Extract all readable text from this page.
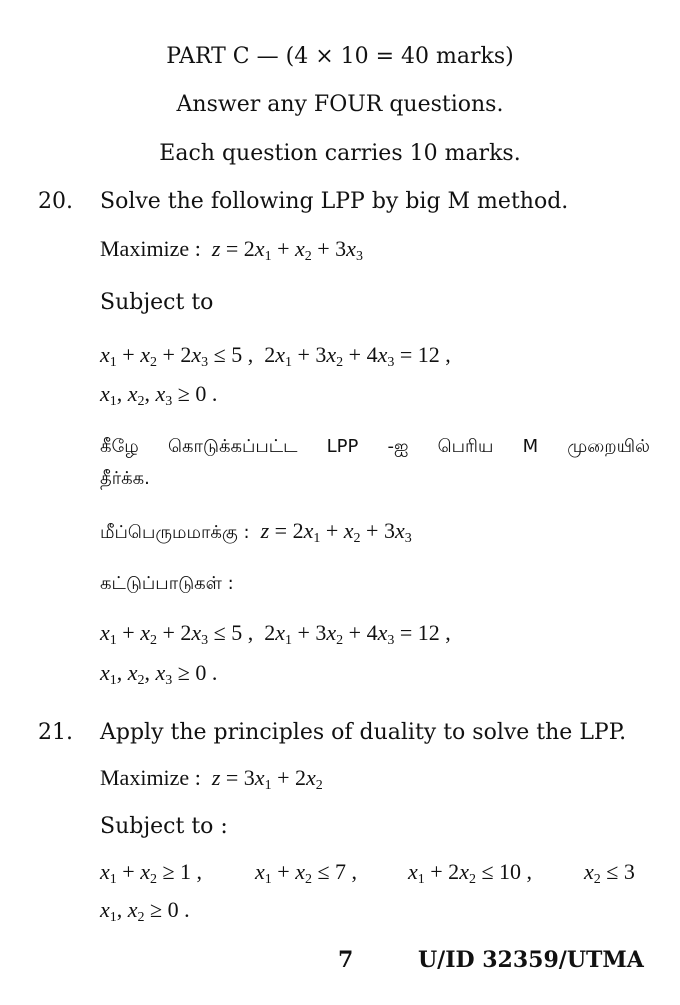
PART C — (4 × 10 = 40 marks)
Answer any FOUR questions.
Each question carries 10 marks.
20. Solve the following LPP by big M method.
Maximize : $z = 2x_1 + x_2 + 3x_3$
Subject to
$x_1 + x_2 + 2x_3 \le 5$ ,  $2x_1 + 3x_2 + 4x_3 = 12$ ,
$x_1$, $x_2$, $x_3 \ge 0$ .
கீழே கொடுக்கப்பட்ட LPP -ஐ பெரிய M முறையில்
தீர்க்க.
மீப்பெருமமாக்கு : $z = 2x_1 + x_2 + 3x_3$
கட்டுப்பாடுகள் :
$x_1 + x_2 + 2x_3 \le 5$ ,  $2x_1 + 3x_2 + 4x_3 = 12$ ,
$x_1$, $x_2$, $x_3 \ge 0$ .
21. Apply the principles of duality to solve the LPP.
Maximize : $z = 3x_1 + 2x_2$
Subject to :
$x_1 + x_2 \ge 1$ , $x_1 + x_2 \le 7$ , $x_1 + 2x_2 \le 10$ , $x_2 \le 3$
$x_1$, $x_2 \ge 0$ .
7	U/ID 32359/UTMA
